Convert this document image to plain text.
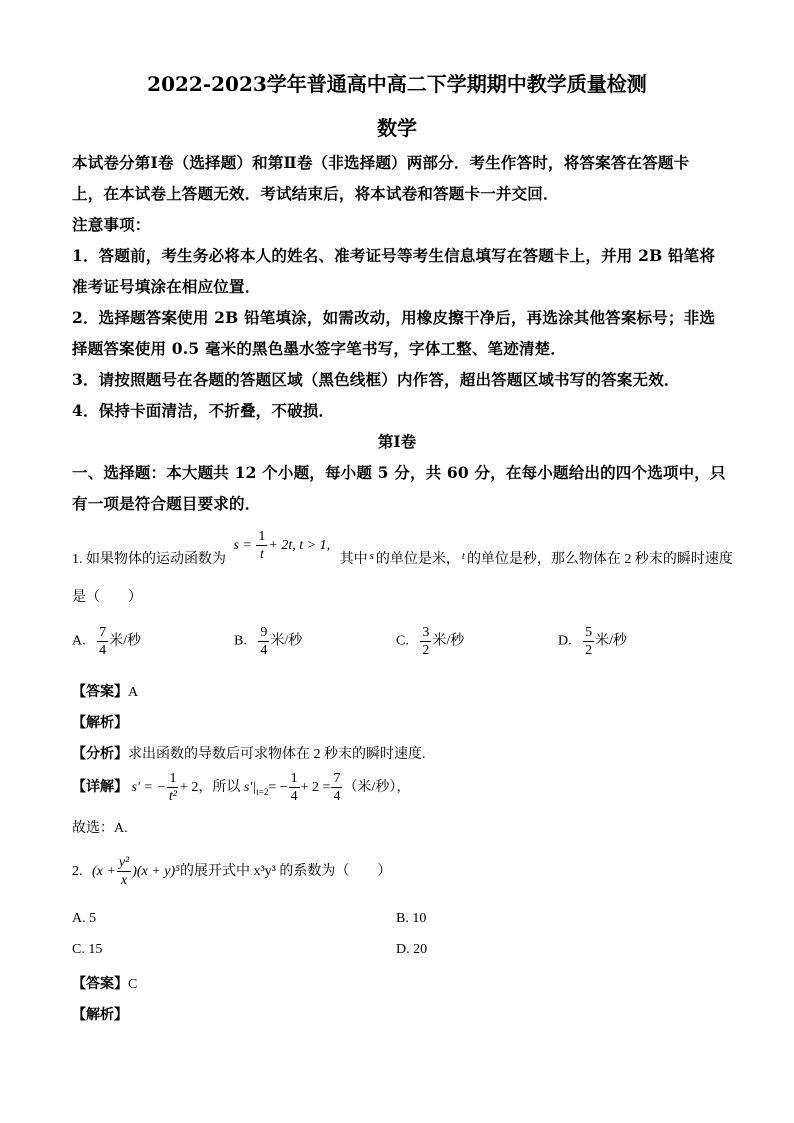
2022-2023学年普通高中高二下学期期中教学质量检测
数学
本试卷分第Ⅰ卷（选择题）和第Ⅱ卷（非选择题）两部分．考生作答时，将答案答在答题卡
上，在本试卷上答题无效．考试结束后，将本试卷和答题卡一并交回．
注意事项：
1．答题前，考生务必将本人的姓名、准考证号等考生信息填写在答题卡上，并用 2B 铅笔将
准考证号填涂在相应位置．
2．选择题答案使用 2B 铅笔填涂，如需改动，用橡皮擦干净后，再选涂其他答案标号；非选
择题答案使用 0.5 毫米的黑色墨水签字笔书写，字体工整、笔迹清楚．
3．请按照题号在各题的答题区域（黑色线框）内作答，超出答题区域书写的答案无效．
4．保持卡面清洁，不折叠，不破损．
第Ⅰ卷
一、选择题：本大题共 12 个小题，每小题 5 分，共 60 分，在每小题给出的四个选项中，只
有一项是符合题目要求的．
1. 如果物体的运动函数为 $s = \frac{1}{t} + 2t$, t > 1, 其中 $^s$ 的单位是米， $^t$ 的单位是秒，那么物体在 2 秒末的瞬时速度
是（　　）
A. $\frac{7}{4}$ 米/秒	B. $\frac{9}{4}$ 米/秒	C. $\frac{3}{2}$ 米/秒	D. $\frac{5}{2}$ 米/秒
【答案】A
【解析】
【分析】求出函数的导数后可求物体在 2 秒末的瞬时速度.
【详解】 s′ = − $\frac{1}{\text{t²}} + 2$，所以 $s'|_{t=2}= - \frac{1}{4} + 2 = \frac{7}{4}$ （米/秒），
故选：A.
2. $(x + \frac{\text{y²}}{x} )(x + y)^5$的展开式中 x³y³ 的系数为（　　）
A. 5	B. 10
C. 15	D. 20
【答案】C
【解析】
